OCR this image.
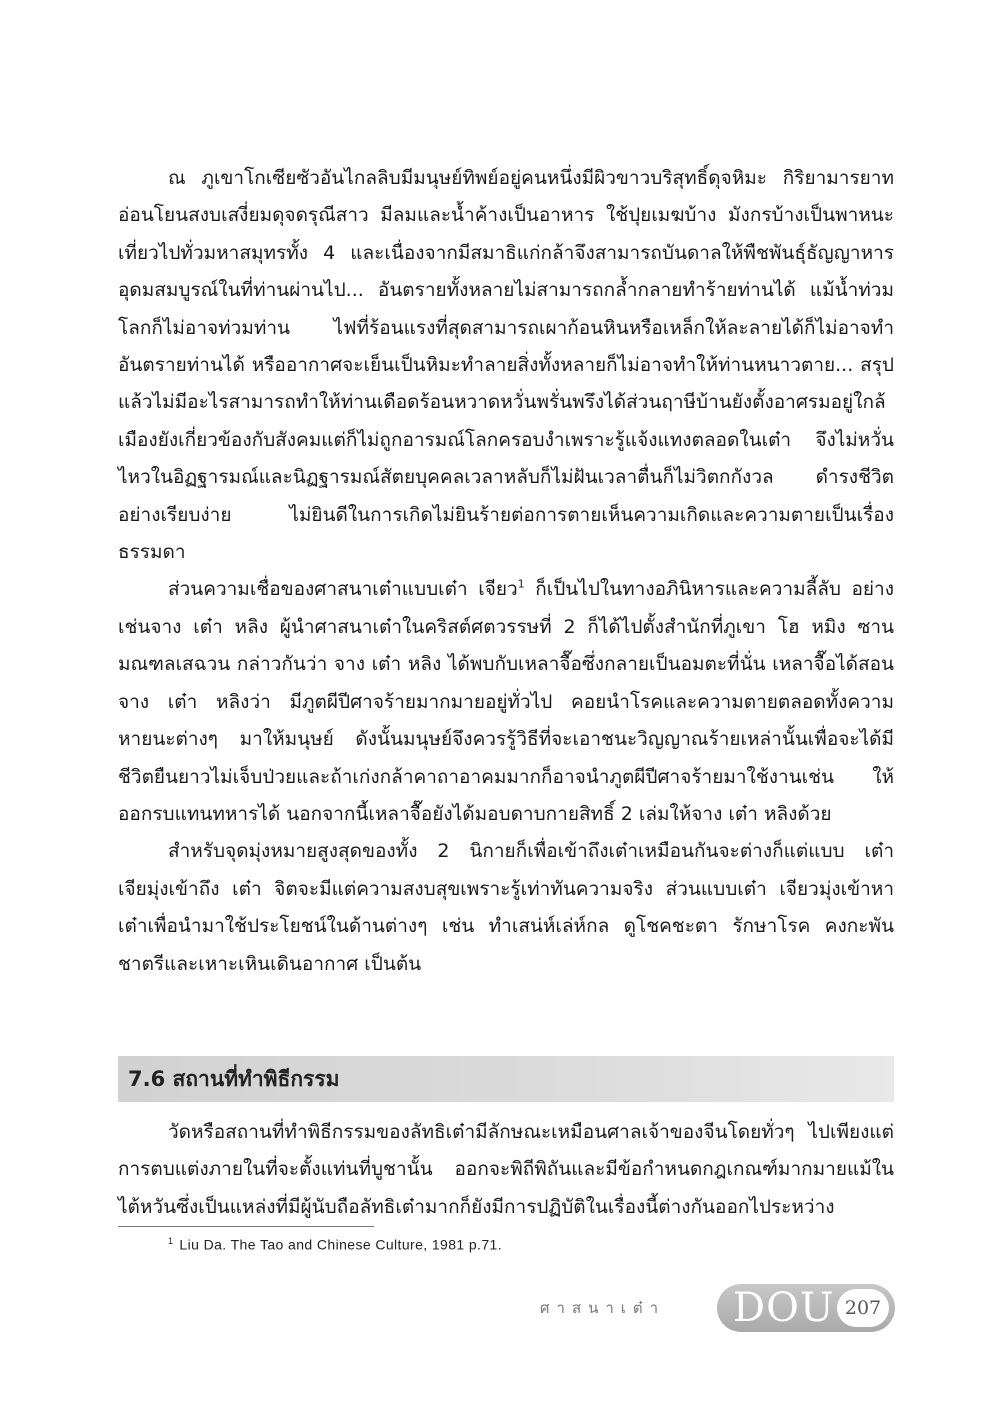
ณ ภูเขาโกเซียซัวอันไกลลิบมีมนุษย์ทิพย์อยู่คนหนึ่งมีผิวขาวบริสุทธิ์ดุจหิมะ กิริยามารยาทอ่อนโยนสงบเสงี่ยมดุจดรุณีสาว มีลมและน้ำค้างเป็นอาหาร ใช้ปุยเมฆบ้าง มังกรบ้างเป็นพาหนะเที่ยวไปทั่วมหาสมุทรทั้ง 4 และเนื่องจากมีสมาธิแก่กล้าจึงสามารถบันดาลให้พืชพันธุ์ธัญญาหารอุดมสมบูรณ์ในที่ท่านผ่านไป... อันตรายทั้งหลายไม่สามารถกล้ำกลายทำร้ายท่านได้ แม้น้ำท่วมโลกก็ไม่อาจท่วมท่าน ไฟที่ร้อนแรงที่สุดสามารถเผาก้อนหินหรือเหล็กให้ละลายได้ก็ไม่อาจทำอันตรายท่านได้ หรืออากาศจะเย็นเป็นหิมะทำลายสิ่งทั้งหลายก็ไม่อาจทำให้ท่านหนาวตาย... สรุปแล้วไม่มีอะไรสามารถทำให้ท่านเดือดร้อนหวาดหวั่นพรั่นพรึงได้ส่วนฤาษีบ้านยังตั้งอาศรมอยู่ใกล้เมืองยังเกี่ยวข้องกับสังคมแต่ก็ไม่ถูกอารมณ์โลกครอบงำเพราะรู้แจ้งแทงตลอดในเต๋า จึงไม่หวั่นไหวในอิฏฐารมณ์และนิฏฐารมณ์สัตยบุคคลเวลาหลับก็ไม่ฝันเวลาตื่นก็ไม่วิตกกังวล ดำรงชีวิตอย่างเรียบง่าย ไม่ยินดีในการเกิดไม่ยินร้ายต่อการตายเห็นความเกิดและความตายเป็นเรื่องธรรมดา

ส่วนความเชื่อของศาสนาเต๋าแบบเต๋า เจียว$^1$ ก็เป็นไปในทางอภินิหารและความลี้ลับ อย่างเช่นจาง เต๋า หลิง ผู้นำศาสนาเต๋าในคริสต์ศตวรรษที่ 2 ก็ได้ไปตั้งสำนักที่ภูเขา โฮ หมิง ซาน มณฑลเสฉวน กล่าวกันว่า จาง เต๋า หลิง ได้พบกับเหลาจื๊อซึ่งกลายเป็นอมตะที่นั่น เหลาจื๊อได้สอนจาง เต๋า หลิงว่า มีภูตผีปีศาจร้ายมากมายอยู่ทั่วไป คอยนำโรคและความตายตลอดทั้งความหายนะต่างๆ มาให้มนุษย์ ดังนั้นมนุษย์จึงควรรู้วิธีที่จะเอาชนะวิญญาณร้ายเหล่านั้นเพื่อจะได้มีชีวิตยืนยาวไม่เจ็บป่วยและถ้าเก่งกล้าคาถาอาคมมากก็อาจนำภูตผีปีศาจร้ายมาใช้งานเช่น ให้ออกรบแทนทหารได้ นอกจากนี้เหลาจื๊อยังได้มอบดาบกายสิทธิ์ 2 เล่มให้จาง เต๋า หลิงด้วย

สำหรับจุดมุ่งหมายสูงสุดของทั้ง 2 นิกายก็เพื่อเข้าถึงเต๋าเหมือนกันจะต่างก็แต่แบบ เต๋า เจียมุ่งเข้าถึง เต๋า จิตจะมีแต่ความสงบสุขเพราะรู้เท่าทันความจริง ส่วนแบบเต๋า เจียวมุ่งเข้าหาเต๋าเพื่อนำมาใช้ประโยชน์ในด้านต่างๆ เช่น ทำเสน่ห์เล่ห์กล ดูโชคชะตา รักษาโรค คงกะพันชาตรีและเหาะเหินเดินอากาศ เป็นต้น

7.6 สถานที่ทำพิธีกรรม

วัดหรือสถานที่ทำพิธีกรรมของลัทธิเต๋ามีลักษณะเหมือนศาลเจ้าของจีนโดยทั่วๆ ไปเพียงแต่การตบแต่งภายในที่จะตั้งแท่นที่บูชานั้น ออกจะพิถีพิถันและมีข้อกำหนดกฎเกณฑ์มากมายแม้ในไต้หวันซึ่งเป็นแหล่งที่มีผู้นับถือลัทธิเต๋ามากก็ยังมีการปฏิบัติในเรื่องนี้ต่างกันออกไประหว่าง

$^1$ Liu Da. The Tao and Chinese Culture, 1981 p.71.
ศาสนาเต๋า DOU 207
